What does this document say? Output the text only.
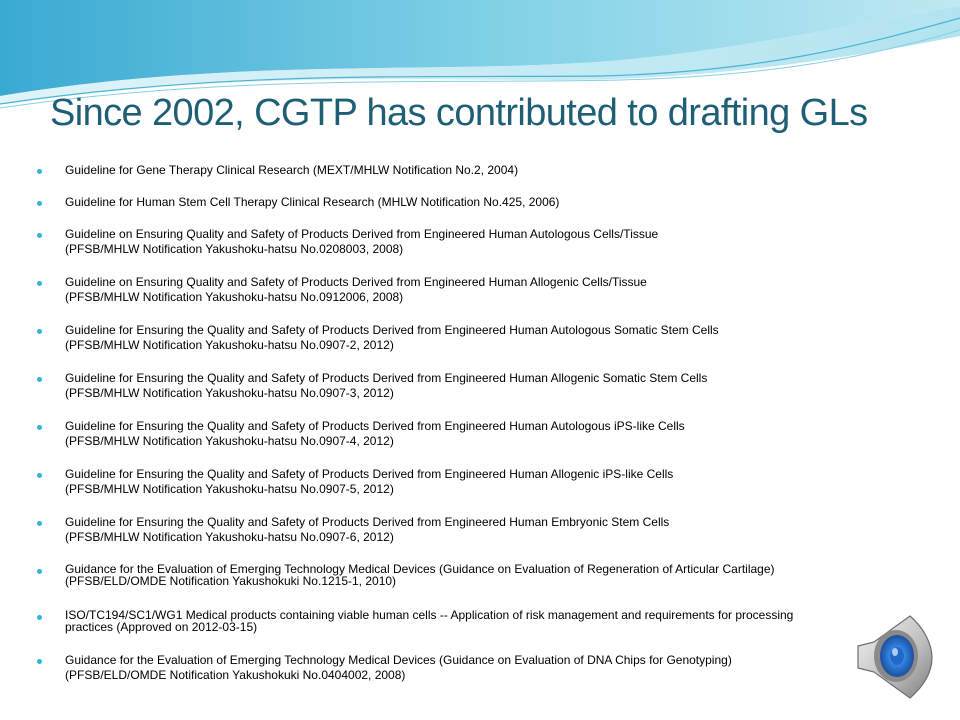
Since 2002, CGTP has contributed to drafting GLs
Guideline for Gene Therapy Clinical Research (MEXT/MHLW Notification No.2, 2004)
Guideline for Human Stem Cell Therapy Clinical Research (MHLW Notification No.425, 2006)
Guideline on Ensuring Quality and Safety of Products Derived from Engineered Human Autologous Cells/Tissue
(PFSB/MHLW Notification Yakushoku-hatsu No.0208003, 2008)
Guideline on Ensuring Quality and Safety of Products Derived from Engineered Human Allogenic Cells/Tissue
(PFSB/MHLW Notification Yakushoku-hatsu No.0912006, 2008)
Guideline for Ensuring the Quality and Safety of Products Derived from Engineered Human Autologous Somatic Stem Cells
(PFSB/MHLW Notification Yakushoku-hatsu No.0907-2, 2012)
Guideline for Ensuring the Quality and Safety of Products Derived from Engineered Human Allogenic Somatic Stem Cells
(PFSB/MHLW Notification Yakushoku-hatsu No.0907-3, 2012)
Guideline for Ensuring the Quality and Safety of Products Derived from Engineered Human Autologous iPS-like Cells
(PFSB/MHLW Notification Yakushoku-hatsu No.0907-4, 2012)
Guideline for Ensuring the Quality and Safety of Products Derived from Engineered Human Allogenic iPS-like Cells
(PFSB/MHLW Notification Yakushoku-hatsu No.0907-5, 2012)
Guideline for Ensuring the Quality and Safety of Products Derived from Engineered Human Embryonic Stem Cells
(PFSB/MHLW Notification Yakushoku-hatsu No.0907-6, 2012)
Guidance for the Evaluation of Emerging Technology Medical Devices (Guidance on Evaluation of Regeneration of Articular Cartilage)
(PFSB/ELD/OMDE Notification Yakushokuki No.1215-1, 2010)
ISO/TC194/SC1/WG1 Medical products containing viable human cells -- Application of risk management and requirements for processing
practices (Approved on 2012-03-15)
Guidance for the Evaluation of Emerging Technology Medical Devices (Guidance on Evaluation of DNA Chips for Genotyping)
(PFSB/ELD/OMDE Notification Yakushokuki No.0404002, 2008)
